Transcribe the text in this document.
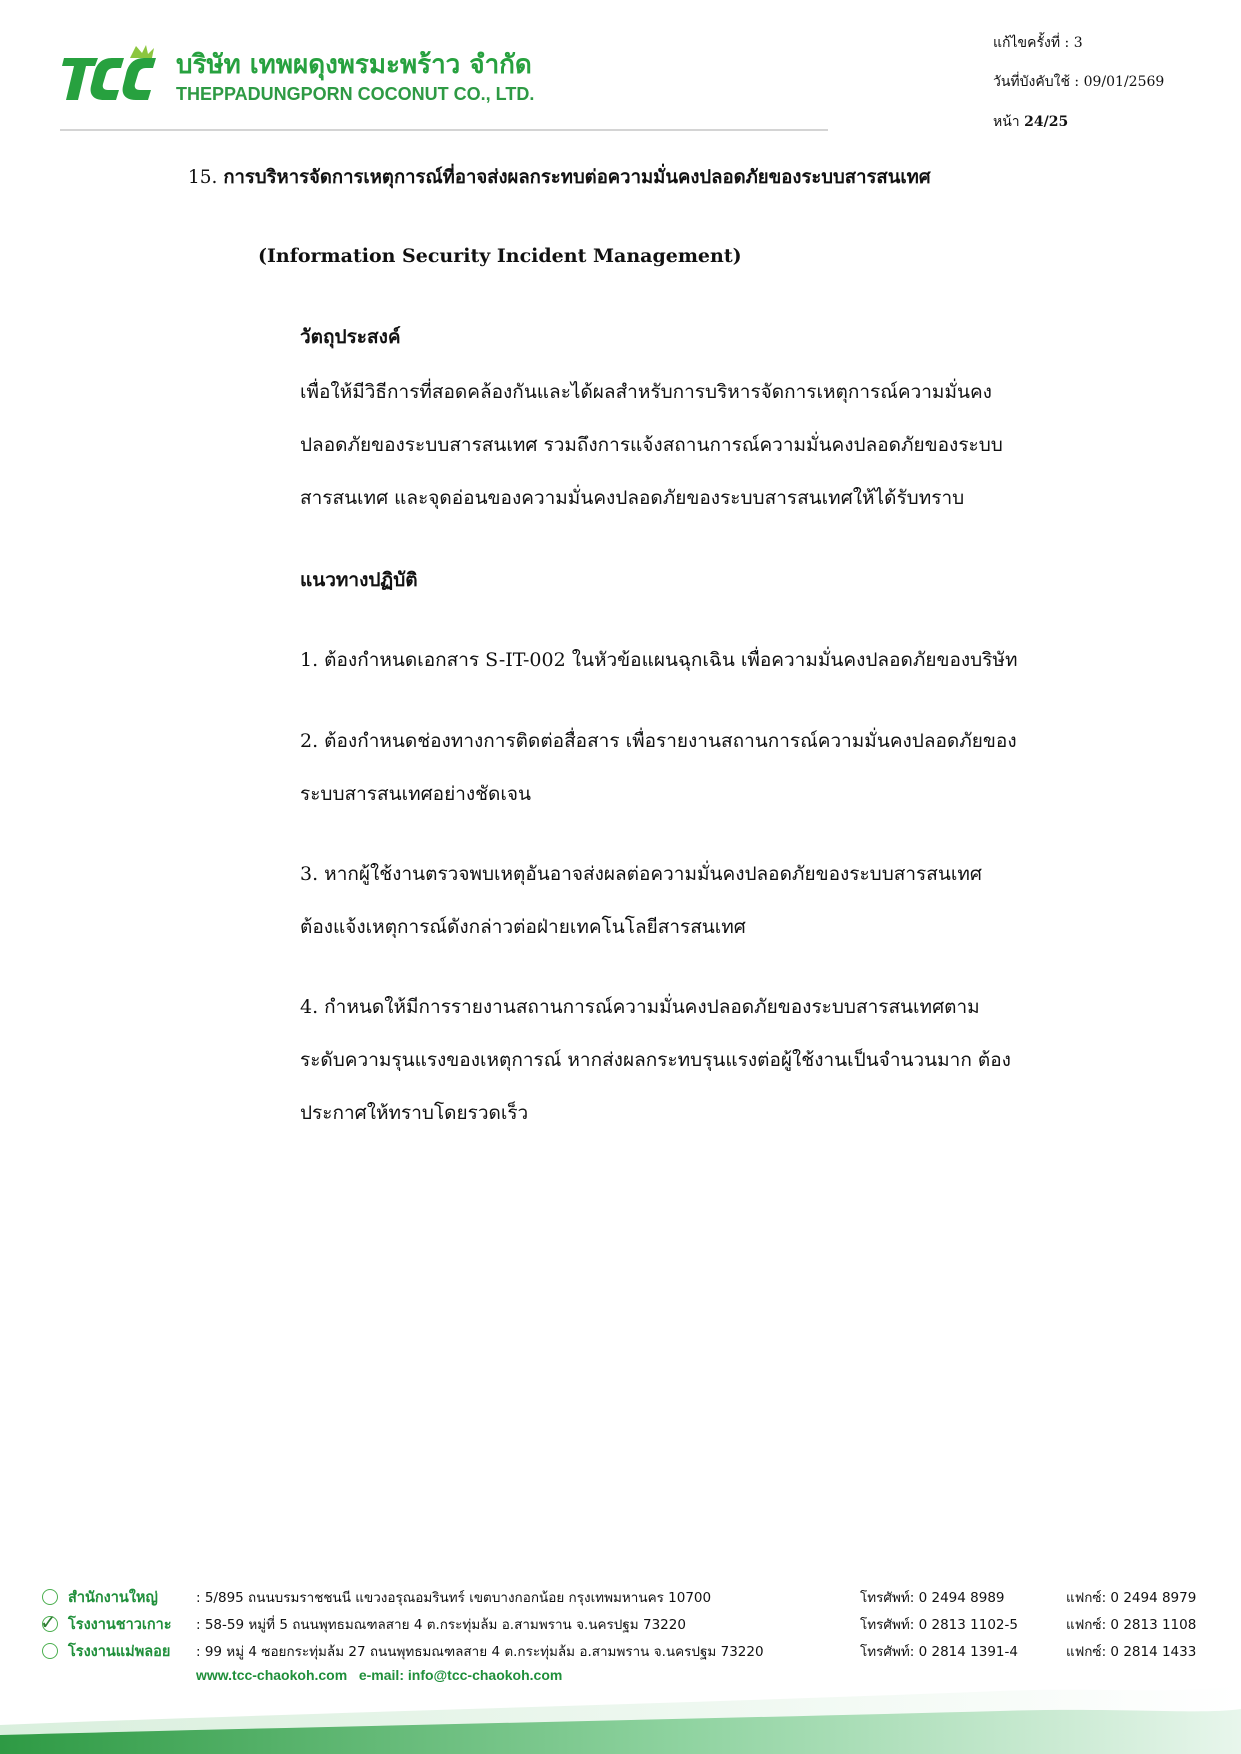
บริษัท เทพผดุงพรมะพร้าว จำกัด
THEPPADUNGPORN COCONUT CO., LTD.
แก้ไขครั้งที่ : 3
วันที่บังคับใช้ : 09/01/2569
หน้า 24/25
15. การบริหารจัดการเหตุการณ์ที่อาจส่งผลกระทบต่อความมั่นคงปลอดภัยของระบบสารสนเทศ
(Information Security Incident Management)
วัตถุประสงค์
เพื่อให้มีวิธีการที่สอดคล้องกันและได้ผลสำหรับการบริหารจัดการเหตุการณ์ความมั่นคง
ปลอดภัยของระบบสารสนเทศ รวมถึงการแจ้งสถานการณ์ความมั่นคงปลอดภัยของระบบ
สารสนเทศ และจุดอ่อนของความมั่นคงปลอดภัยของระบบสารสนเทศให้ได้รับทราบ
แนวทางปฏิบัติ
1. ต้องกำหนดเอกสาร S-IT-002 ในหัวข้อแผนฉุกเฉิน เพื่อความมั่นคงปลอดภัยของบริษัท
2. ต้องกำหนดช่องทางการติดต่อสื่อสาร เพื่อรายงานสถานการณ์ความมั่นคงปลอดภัยของ
ระบบสารสนเทศอย่างชัดเจน
3. หากผู้ใช้งานตรวจพบเหตุอันอาจส่งผลต่อความมั่นคงปลอดภัยของระบบสารสนเทศ
ต้องแจ้งเหตุการณ์ดังกล่าวต่อฝ่ายเทคโนโลยีสารสนเทศ
4. กำหนดให้มีการรายงานสถานการณ์ความมั่นคงปลอดภัยของระบบสารสนเทศตาม
ระดับความรุนแรงของเหตุการณ์ หากส่งผลกระทบรุนแรงต่อผู้ใช้งานเป็นจำนวนมาก ต้อง
ประกาศให้ทราบโดยรวดเร็ว
สำนักงานใหญ่	: 5/895 ถนนบรมราชชนนี แขวงอรุณอมรินทร์ เขตบางกอกน้อย กรุงเทพมหานคร 10700	โทรศัพท์: 0 2494 8989	แฟกซ์: 0 2494 8979
✓ โรงงานชาวเกาะ : 58-59 หมู่ที่ 5 ถนนพุทธมณฑลสาย 4 ต.กระทุ่มล้ม อ.สามพราน จ.นครปฐม 73220	โทรศัพท์: 0 2813 1102-5	แฟกซ์: 0 2813 1108
โรงงานแม่พลอย : 99 หมู่ 4 ซอยกระทุ่มล้ม 27 ถนนพุทธมณฑลสาย 4 ต.กระทุ่มล้ม อ.สามพราน จ.นครปฐม 73220	โทรศัพท์: 0 2814 1391-4	แฟกซ์: 0 2814 1433
www.tcc-chaokoh.com e-mail: info@tcc-chaokoh.com
